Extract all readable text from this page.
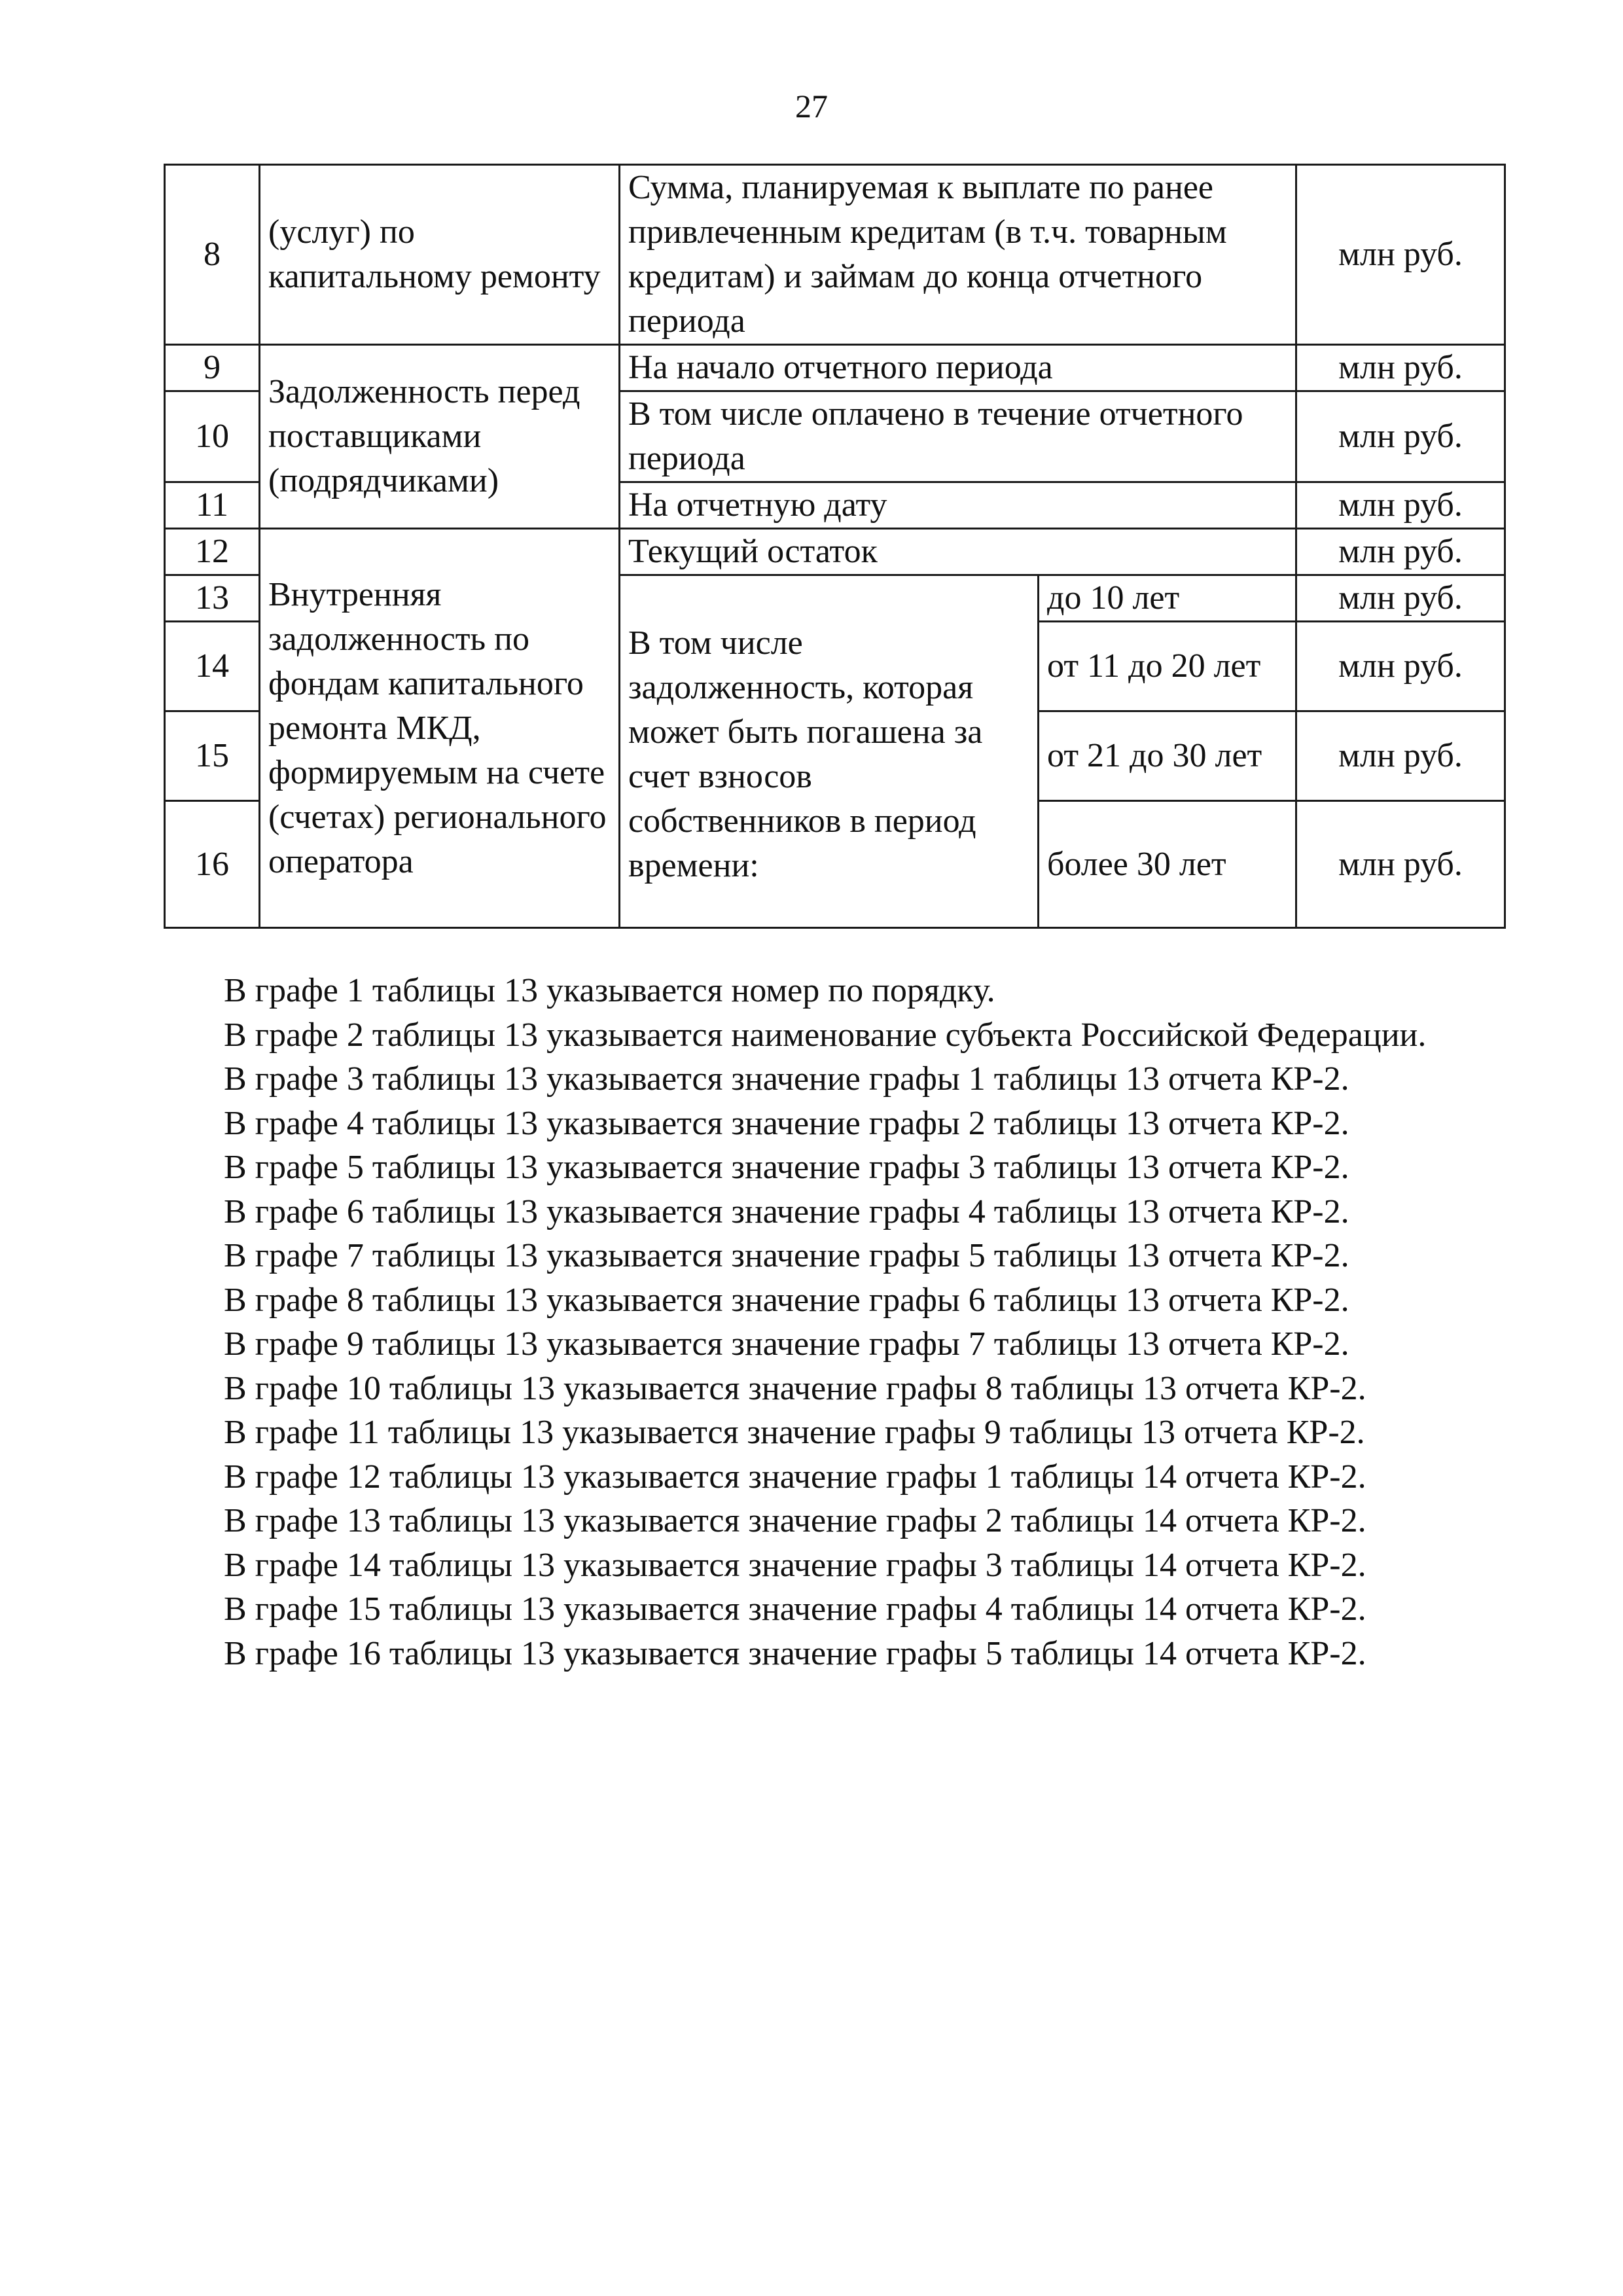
27
8	(услуг) по капитальному ремонту	Сумма, планируемая к выплате по ранее привлеченным кредитам (в т.ч. товарным кредитам) и займам до конца отчетного периода		млн руб.
9	Задолженность перед поставщиками (подрядчиками)	На начало отчетного периода		млн руб.
10		В том числе оплачено в течение отчетного периода		млн руб.
11		На отчетную дату		млн руб.
12	Внутренняя задолженность по фондам капитального ремонта МКД, формируемым на счете (счетах) регионального оператора	Текущий остаток		млн руб.
13		В том числе задолженность, которая может быть погашена за счет взносов собственников в период времени:	до 10 лет	млн руб.
14			от 11 до 20 лет	млн руб.
15			от 21 до 30 лет	млн руб.
16			более 30 лет	млн руб.

В графе 1 таблицы 13 указывается номер по порядку.

В графе 2 таблицы 13 указывается наименование субъекта Российской Федерации.

В графе 3 таблицы 13 указывается значение графы 1 таблицы 13 отчета КР-2.

В графе 4 таблицы 13 указывается значение графы 2 таблицы 13 отчета КР-2.

В графе 5 таблицы 13 указывается значение графы 3 таблицы 13 отчета КР-2.

В графе 6 таблицы 13 указывается значение графы 4 таблицы 13 отчета КР-2.

В графе 7 таблицы 13 указывается значение графы 5 таблицы 13 отчета КР-2.

В графе 8 таблицы 13 указывается значение графы 6 таблицы 13 отчета КР-2.

В графе 9 таблицы 13 указывается значение графы 7 таблицы 13 отчета КР-2.

В графе 10 таблицы 13 указывается значение графы 8 таблицы 13 отчета КР-2.

В графе 11 таблицы 13 указывается значение графы 9 таблицы 13 отчета КР-2.

В графе 12 таблицы 13 указывается значение графы 1 таблицы 14 отчета КР-2.

В графе 13 таблицы 13 указывается значение графы 2 таблицы 14 отчета КР-2.

В графе 14 таблицы 13 указывается значение графы 3 таблицы 14 отчета КР-2.

В графе 15 таблицы 13 указывается значение графы 4 таблицы 14 отчета КР-2.

В графе 16 таблицы 13 указывается значение графы 5 таблицы 14 отчета КР-2.
